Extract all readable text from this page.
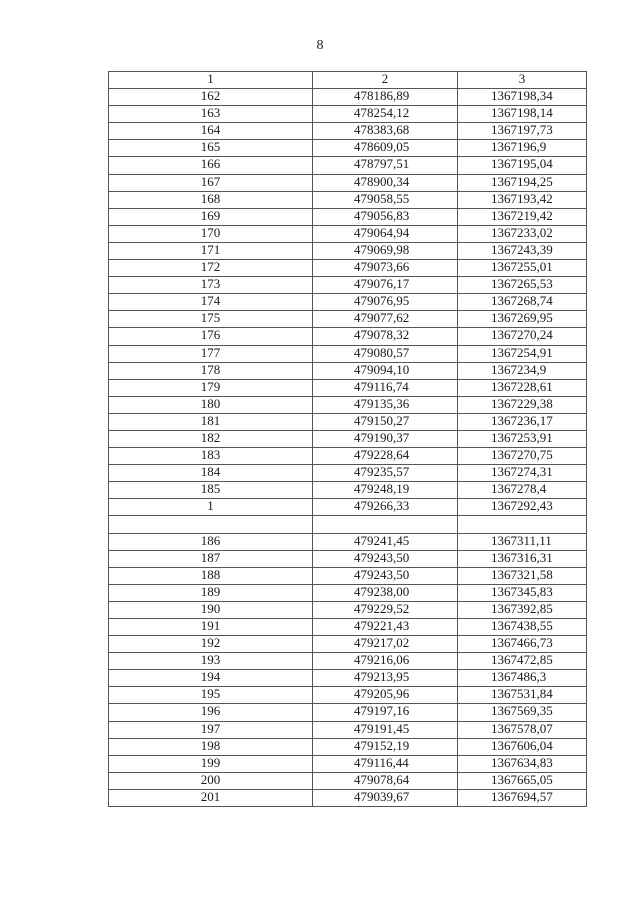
8
1	2	3
162	478186,89	1367198,34
163	478254,12	1367198,14
164	478383,68	1367197,73
165	478609,05	1367196,9
166	478797,51	1367195,04
167	478900,34	1367194,25
168	479058,55	1367193,42
169	479056,83	1367219,42
170	479064,94	1367233,02
171	479069,98	1367243,39
172	479073,66	1367255,01
173	479076,17	1367265,53
174	479076,95	1367268,74
175	479077,62	1367269,95
176	479078,32	1367270,24
177	479080,57	1367254,91
178	479094,10	1367234,9
179	479116,74	1367228,61
180	479135,36	1367229,38
181	479150,27	1367236,17
182	479190,37	1367253,91
183	479228,64	1367270,75
184	479235,57	1367274,31
185	479248,19	1367278,4
1	479266,33	1367292,43

186	479241,45	1367311,11
187	479243,50	1367316,31
188	479243,50	1367321,58
189	479238,00	1367345,83
190	479229,52	1367392,85
191	479221,43	1367438,55
192	479217,02	1367466,73
193	479216,06	1367472,85
194	479213,95	1367486,3
195	479205,96	1367531,84
196	479197,16	1367569,35
197	479191,45	1367578,07
198	479152,19	1367606,04
199	479116,44	1367634,83
200	479078,64	1367665,05
201	479039,67	1367694,57
